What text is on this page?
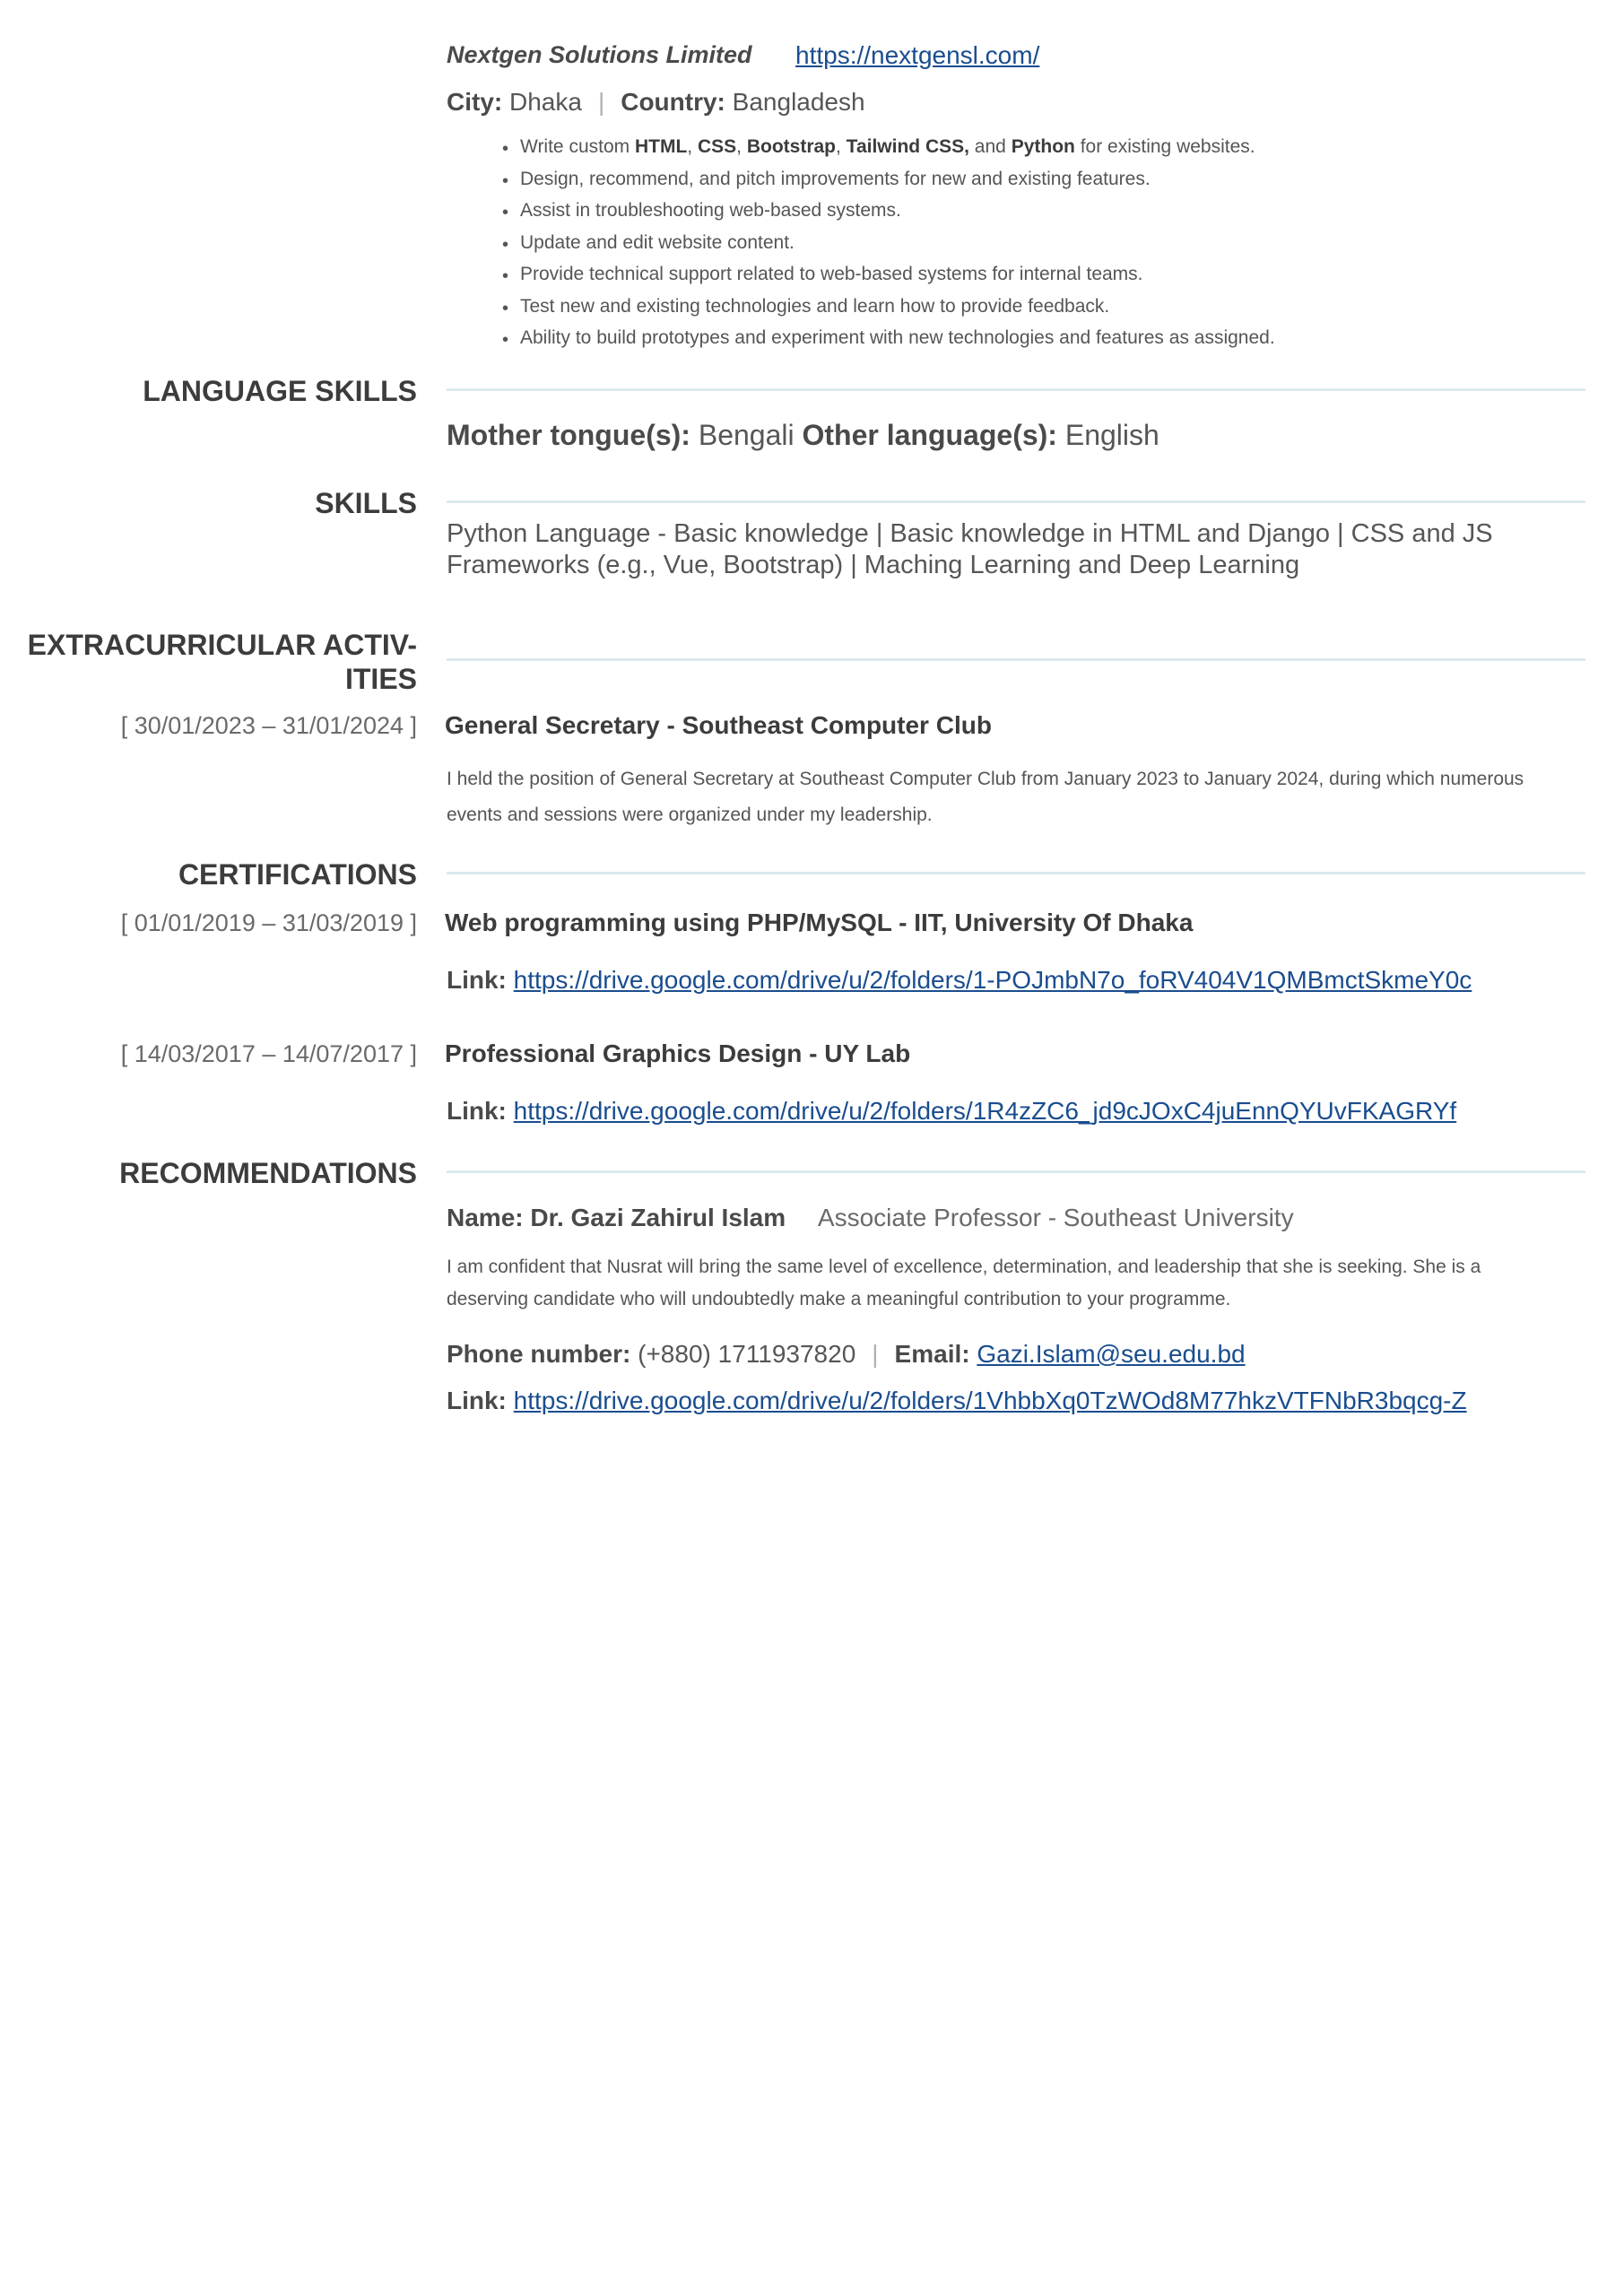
Nextgen Solutions Limited https://nextgensl.com/
City: Dhaka | Country: Bangladesh
• Write custom HTML, CSS, Bootstrap, Tailwind CSS, and Python for existing websites.
• Design, recommend, and pitch improvements for new and existing features.
• Assist in troubleshooting web-based systems.
• Update and edit website content.
• Provide technical support related to web-based systems for internal teams.
• Test new and existing technologies and learn how to provide feedback.
• Ability to build prototypes and experiment with new technologies and features as assigned.
LANGUAGE SKILLS
Mother tongue(s): Bengali Other language(s): English
SKILLS
Python Language - Basic knowledge | Basic knowledge in HTML and Django | CSS and JS
Frameworks (e.g., Vue, Bootstrap) | Maching Learning and Deep Learning
EXTRACURRICULAR ACTIV-
ITIES
[ 30/01/2023 – 31/01/2024 ] General Secretary - Southeast Computer Club
I held the position of General Secretary at Southeast Computer Club from January 2023 to January 2024, during which numerous events and sessions were organized under my leadership.
CERTIFICATIONS
[ 01/01/2019 – 31/03/2019 ] Web programming using PHP/MySQL - IIT, University Of Dhaka
Link: https://drive.google.com/drive/u/2/folders/1-POJmbN7o_foRV404V1QMBmctSkmeY0c
[ 14/03/2017 – 14/07/2017 ] Professional Graphics Design - UY Lab
Link: https://drive.google.com/drive/u/2/folders/1R4zZC6_jd9cJOxC4juEnnQYUvFKAGRYf
RECOMMENDATIONS
Name: Dr. Gazi Zahirul Islam Associate Professor - Southeast University
I am confident that Nusrat will bring the same level of excellence, determination, and leadership that she is seeking. She is a deserving candidate who will undoubtedly make a meaningful contribution to your programme.
Phone number: (+880) 1711937820 | Email: Gazi.Islam@seu.edu.bd
Link: https://drive.google.com/drive/u/2/folders/1VhbbXq0TzWOd8M77hkzVTFNbR3bqcg-Z
